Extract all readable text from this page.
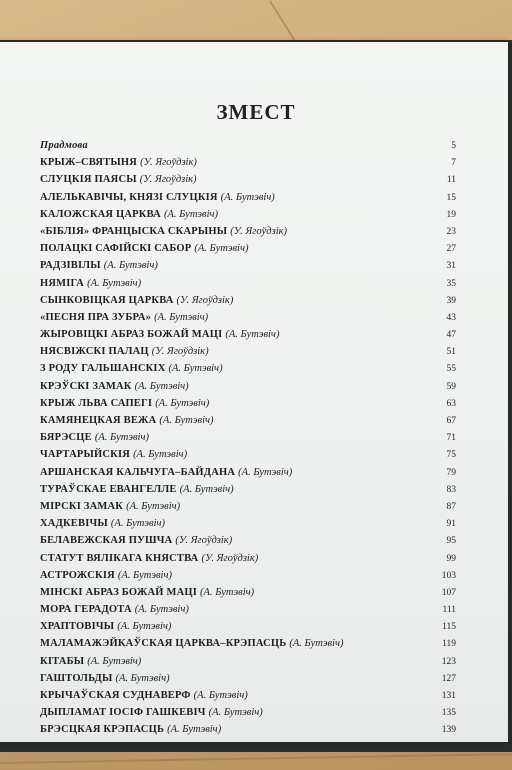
ЗМЕСТ
Прадмова	5
КРЫЖ–СВЯТЫНЯ (У. Ягоўдзік)	7
СЛУЦКІЯ ПАЯСЫ (У. Ягоўдзік)	11
АЛЕЛЬКАВІЧЫ, КНЯЗІ СЛУЦКІЯ (А. Бутэвіч)	15
КАЛОЖСКАЯ ЦАРКВА (А. Бутэвіч)	19
«БІБЛІЯ» ФРАНЦЫСКА СКАРЫНЫ (У. Ягоўдзік)	23
ПОЛАЦКІ САФІЙСКІ САБОР (А. Бутэвіч)	27
РАДЗІВІЛЫ (А. Бутэвіч)	31
НЯМІГА (А. Бутэвіч)	35
СЫНКОВІЦКАЯ ЦАРКВА (У. Ягоўдзік)	39
«ПЕСНЯ ПРА ЗУБРА» (А. Бутэвіч)	43
ЖЫРОВІЦКІ АБРАЗ БОЖАЙ МАЦІ (А. Бутэвіч)	47
НЯСВІЖСКІ ПАЛАЦ (У. Ягоўдзік)	51
З РОДУ ГАЛЬШАНСКІХ (А. Бутэвіч)	55
КРЭЎСКІ ЗАМАК (А. Бутэвіч)	59
КРЫЖ ЛЬВА САПЕГІ (А. Бутэвіч)	63
КАМЯНЕЦКАЯ ВЕЖА (А. Бутэвіч)	67
БЯРЭСЦЕ (А. Бутэвіч)	71
ЧАРТАРЫЙСКІЯ (А. Бутэвіч)	75
АРШАНСКАЯ КАЛЬЧУГА–БАЙДАНА (А. Бутэвіч)	79
ТУРАЎСКАЕ ЕВАНГЕЛЛЕ (А. Бутэвіч)	83
МІРСКІ ЗАМАК (А. Бутэвіч)	87
ХАДКЕВІЧЫ (А. Бутэвіч)	91
БЕЛАВЕЖСКАЯ ПУШЧА (У. Ягоўдзік)	95
СТАТУТ ВЯЛІКАГА КНЯСТВА (У. Ягоўдзік)	99
АСТРОЖСКІЯ (А. Бутэвіч)	103
МІНСКІ АБРАЗ БОЖАЙ МАЦІ (А. Бутэвіч)	107
МОРА ГЕРАДОТА (А. Бутэвіч)	111
ХРАПТОВІЧЫ (А. Бутэвіч)	115
МАЛАМАЖЭЙКАЎСКАЯ ЦАРКВА–КРЭПАСЦЬ (А. Бутэвіч)	119
КІТАБЫ (А. Бутэвіч)	123
ГАШТОЛЬДЫ (А. Бутэвіч)	127
КРЫЧАЎСКАЯ СУДНАВЕРФ (А. Бутэвіч)	131
ДЫПЛАМАТ ІОСІФ ГАШКЕВІЧ (А. Бутэвіч)	135
БРЭСЦКАЯ КРЭПАСЦЬ (А. Бутэвіч)	139
